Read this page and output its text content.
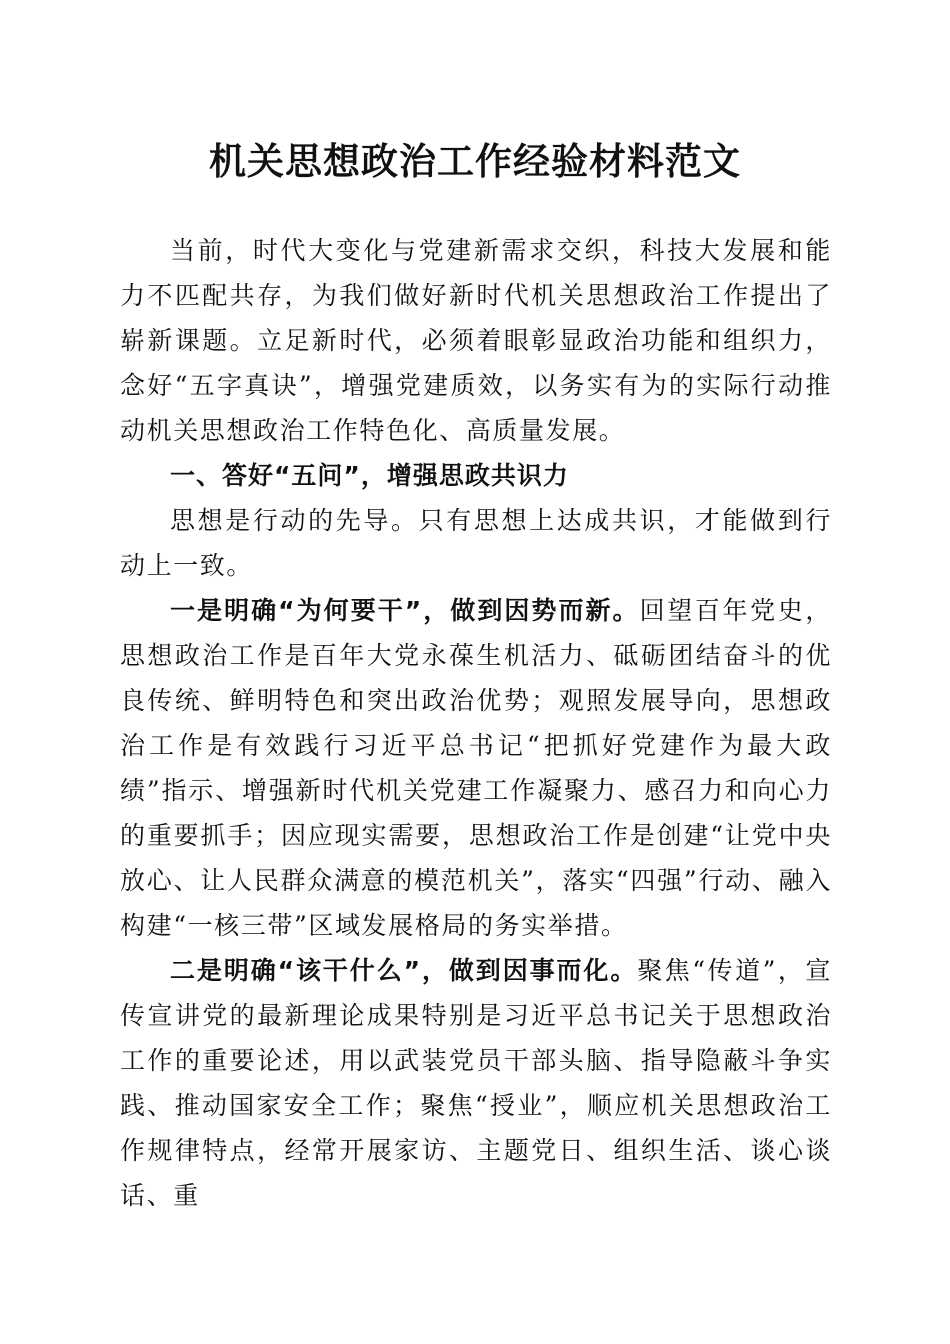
机关思想政治工作经验材料范文

当前，时代大变化与党建新需求交织，科技大发展和能力不匹配共存，为我们做好新时代机关思想政治工作提出了崭新课题。立足新时代，必须着眼彰显政治功能和组织力，念好“五字真诀”，增强党建质效，以务实有为的实际行动推动机关思想政治工作特色化、高质量发展。

一、答好“五问”，增强思政共识力

思想是行动的先导。只有思想上达成共识，才能做到行动上一致。

一是明确“为何要干”，做到因势而新。回望百年党史，思想政治工作是百年大党永葆生机活力、砥砺团结奋斗的优良传统、鲜明特色和突出政治优势；观照发展导向，思想政治工作是有效践行习近平总书记“把抓好党建作为最大政绩”指示、增强新时代机关党建工作凝聚力、感召力和向心力的重要抓手；因应现实需要，思想政治工作是创建“让党中央放心、让人民群众满意的模范机关”，落实“四强”行动、融入构建“一核三带”区域发展格局的务实举措。

二是明确“该干什么”，做到因事而化。聚焦“传道”，宣传宣讲党的最新理论成果特别是习近平总书记关于思想政治工作的重要论述，用以武装党员干部头脑、指导隐蔽斗争实践、推动国家安全工作；聚焦“授业”，顺应机关思想政治工作规律特点，经常开展家访、主题党日、组织生活、谈心谈话、重
